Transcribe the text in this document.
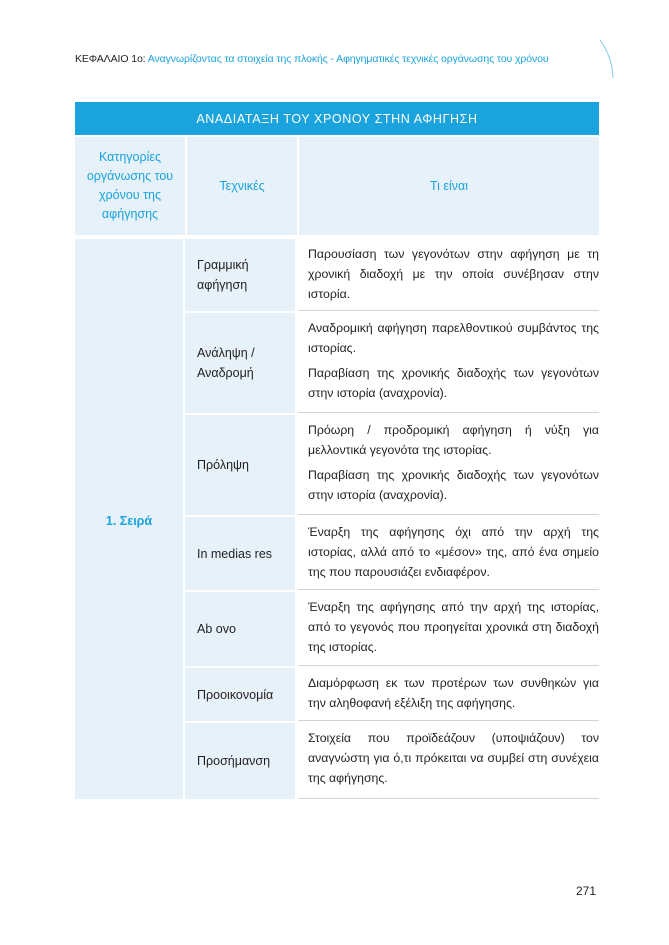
ΚΕΦΑΛΑΙΟ 1ο: Αναγνωρίζοντας τα στοιχεία της πλοκής - Αφηγηματικές τεχνικές οργάνωσης του χρόνου
ΑΝΑΔΙΑΤΑΞΗ ΤΟΥ ΧΡΟΝΟΥ ΣΤΗΝ ΑΦΗΓΗΣΗ
Κατηγορίες οργάνωσης του χρόνου της αφήγησης
Τεχνικές	Τι είναι
1. Σειρά
Γραμμική αφήγηση

Παρουσίαση των γεγονότων στην αφήγηση με τη χρονική διαδοχή με την οποία συνέβησαν στην ιστορία.

Ανάληψη / Αναδρομή

Αναδρομική αφήγηση παρελθοντικού συμβάντος της ιστορίας.

Παραβίαση της χρονικής διαδοχής των γεγονότων στην ιστορία (αναχρονία).

Πρόληψη

Πρόωρη / προδρομική αφήγηση ή νύξη για μελλοντικά γεγονότα της ιστορίας.

Παραβίαση της χρονικής διαδοχής των γεγονότων στην ιστορία (αναχρονία).

In medias res

Έναρξη της αφήγησης όχι από την αρχή της ιστορίας, αλλά από το «μέσον» της, από ένα σημείο της που παρουσιάζει ενδιαφέρον.

Ab ovo

Έναρξη της αφήγησης από την αρχή της ιστορίας, από το γεγονός που προηγείται χρονικά στη διαδοχή της ιστορίας.

Προοικονομία

Διαμόρφωση εκ των προτέρων των συνθηκών για την αληθοφανή εξέλιξη της αφήγησης.

Προσήμανση

Στοιχεία που προϊδεάζουν (υποψιάζουν) τον αναγνώστη για ό,τι πρόκειται να συμβεί στη συνέχεια της αφήγησης.

271
